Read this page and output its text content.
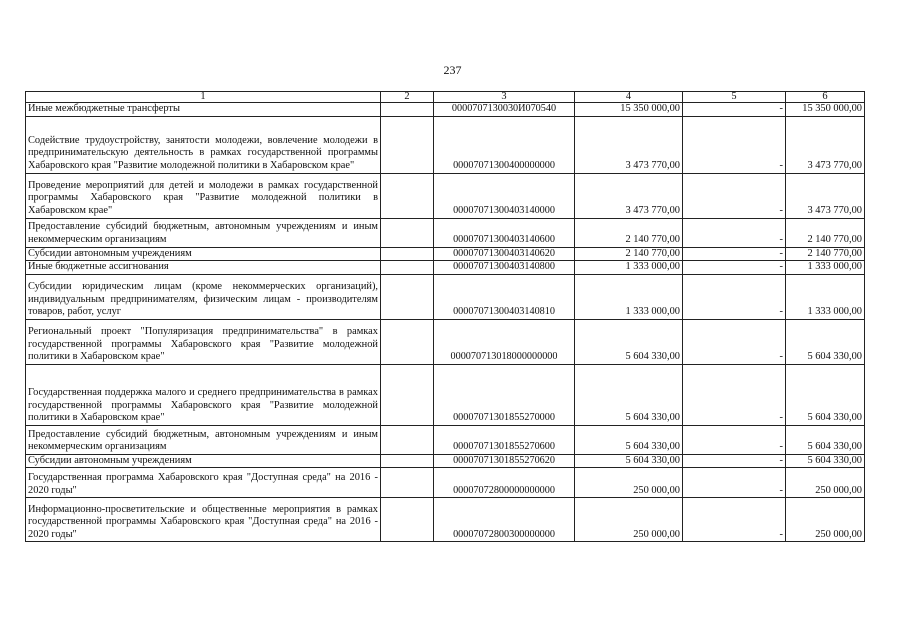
237
1	2	3	4	5	6
Иные межбюджетные трансферты		0000707130030И070540	15 350 000,00	-	15 350 000,00
Содействие трудоустройству, занятости молодежи, вовлечение молодежи в предпринимательскую деятельность в рамках государственной программы Хабаровского края "Развитие молодежной политики в Хабаровском крае"		00007071300400000000	3 473 770,00	-	3 473 770,00
Проведение мероприятий для детей и молодежи в рамках государственной программы Хабаровского края "Развитие молодежной политики в Хабаровском крае"		00007071300403140000	3 473 770,00	-	3 473 770,00
Предоставление субсидий бюджетным, автономным учреждениям и иным некоммерческим организациям		00007071300403140600	2 140 770,00	-	2 140 770,00
Субсидии автономным учреждениям		00007071300403140620	2 140 770,00	-	2 140 770,00
Иные бюджетные ассигнования		00007071300403140800	1 333 000,00	-	1 333 000,00
Субсидии юридическим лицам (кроме некоммерческих организаций), индивидуальным предпринимателям, физическим лицам - производителям товаров, работ, услуг		00007071300403140810	1 333 000,00	-	1 333 000,00
Региональный проект "Популяризация предпринимательства" в рамках государственной программы Хабаровского края "Развитие молодежной политики в Хабаровском крае"		000070713018000000000	5 604 330,00	-	5 604 330,00
Государственная поддержка малого и среднего предпринимательства в рамках государственной программы Хабаровского края "Развитие молодежной политики в Хабаровском крае"		00007071301855270000	5 604 330,00	-	5 604 330,00
Предоставление субсидий бюджетным, автономным учреждениям и иным некоммерческим организациям		00007071301855270600	5 604 330,00	-	5 604 330,00
Субсидии автономным учреждениям		00007071301855270620	5 604 330,00	-	5 604 330,00
Государственная программа Хабаровского края "Доступная среда" на 2016 - 2020 годы"		00007072800000000000	250 000,00	-	250 000,00
Информационно-просветительские и общественные мероприятия в рамках государственной программы Хабаровского края "Доступная среда" на 2016 - 2020 годы"		00007072800300000000	250 000,00	-	250 000,00
